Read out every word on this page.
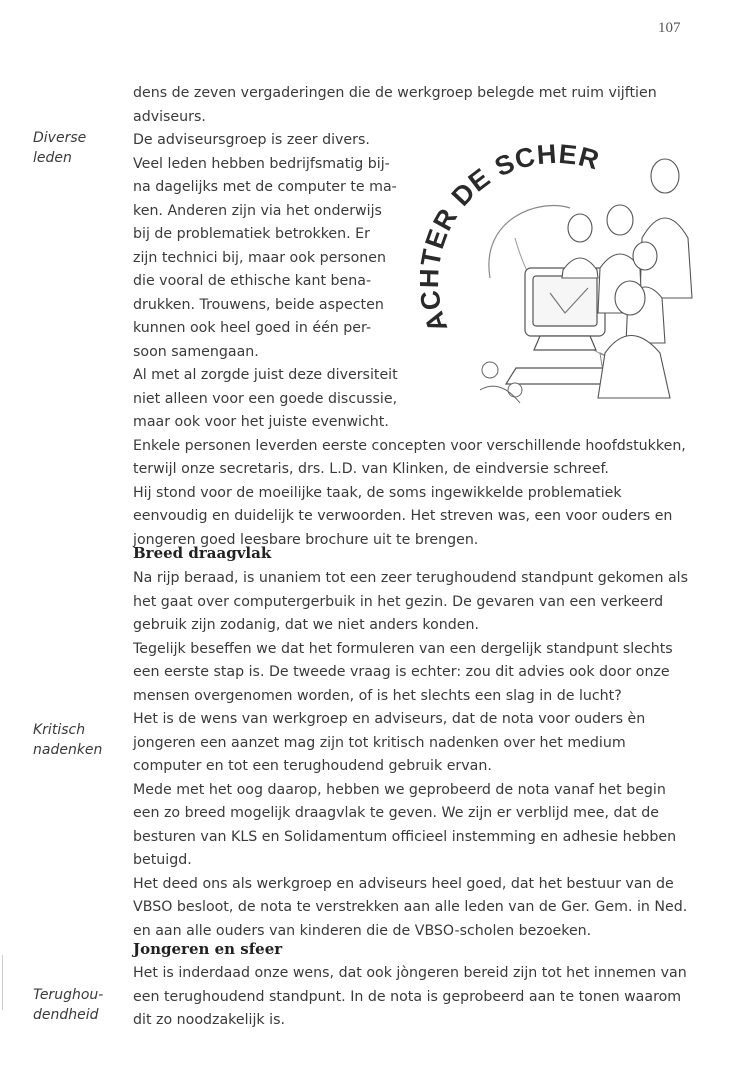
107
Diverse
leden
Kritisch
nadenken
Terughou-
dendheid

dens de zeven vergaderingen die de werkgroep belegde met ruim vijftien adviseurs.

De adviseursgroep is zeer divers.
Veel leden hebben bedrijfsmatig bij-
na dagelijks met de computer te ma-
ken. Anderen zijn via het onderwijs
bij de problematiek betrokken. Er
zijn technici bij, maar ook personen
die vooral de ethische kant bena-
drukken. Trouwens, beide aspecten
kunnen ook heel goed in één per-
soon samengaan.
Al met al zorgde juist deze diversiteit
niet alleen voor een goede discussie,
maar ook voor het juiste evenwicht.

Enkele personen leverden eerste concepten voor verschillende hoofdstukken, terwijl onze secretaris, drs. L.D. van Klinken, de eindversie schreef.

Hij stond voor de moeilijke taak, de soms ingewikkelde problematiek eenvoudig en duidelijk te verwoorden. Het streven was, een voor ouders en jongeren goed leesbare brochure uit te brengen.

A ER DE SCHER
Breed draagvlak

Na rijp beraad, is unaniem tot een zeer terughoudend standpunt gekomen als het gaat over computergerbuik in het gezin. De gevaren van een verkeerd gebruik zijn zodanig, dat we niet anders konden.

Tegelijk beseffen we dat het formuleren van een dergelijk standpunt slechts een eerste stap is. De tweede vraag is echter: zou dit advies ook door onze mensen overgenomen worden, of is het slechts een slag in de lucht?

Het is de wens van werkgroep en adviseurs, dat de nota voor ouders èn jongeren een aanzet mag zijn tot kritisch nadenken over het medium computer en tot een terughoudend gebruik ervan.

Mede met het oog daarop, hebben we geprobeerd de nota vanaf het begin een zo breed mogelijk draagvlak te geven. We zijn er verblijd mee, dat de besturen van KLS en Solidamentum officieel instemming en adhesie hebben betuigd.

Het deed ons als werkgroep en adviseurs heel goed, dat het bestuur van de VBSO besloot, de nota te verstrekken aan alle leden van de Ger. Gem. in Ned. en aan alle ouders van kinderen die de VBSO-scholen bezoeken.

Jongeren en sfeer

Het is inderdaad onze wens, dat ook jòngeren bereid zijn tot het innemen van een terughoudend standpunt. In de nota is geprobeerd aan te tonen waarom dit zo noodzakelijk is.
